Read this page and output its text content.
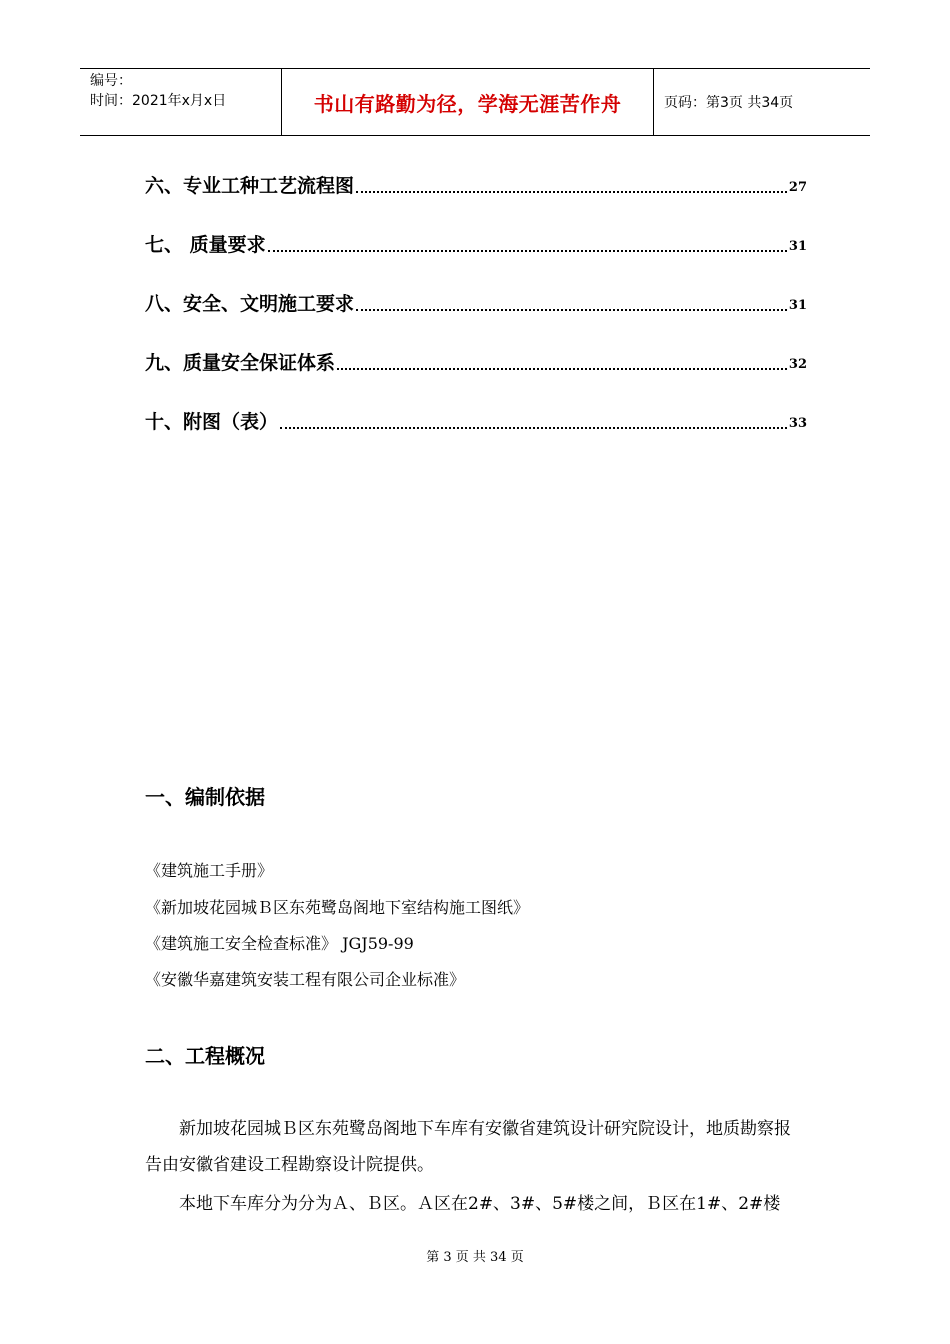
编号：
时间：2021年x月x日	书山有路勤为径，学海无涯苦作舟	页码：第3页 共34页
六、专业工种工艺流程图	27
七、 质量要求	31
八、安全、文明施工要求	31
九、质量安全保证体系	32
十、附图（表）	33
一、编制依据
《建筑施工手册》
《新加坡花园城Ｂ区东苑鹭岛阁地下室结构施工图纸》
《建筑施工安全检查标准》 JGJ59-99
《安徽华嘉建筑安装工程有限公司企业标准》
二、工程概况
新加坡花园城Ｂ区东苑鹭岛阁地下车库有安徽省建筑设计研究院设计，地质勘察报告由安徽省建设工程勘察设计院提供。
本地下车库分为分为Ａ、Ｂ区。Ａ区在2#、3#、5#楼之间，Ｂ区在1#、2#楼
第 3 页 共 34 页
